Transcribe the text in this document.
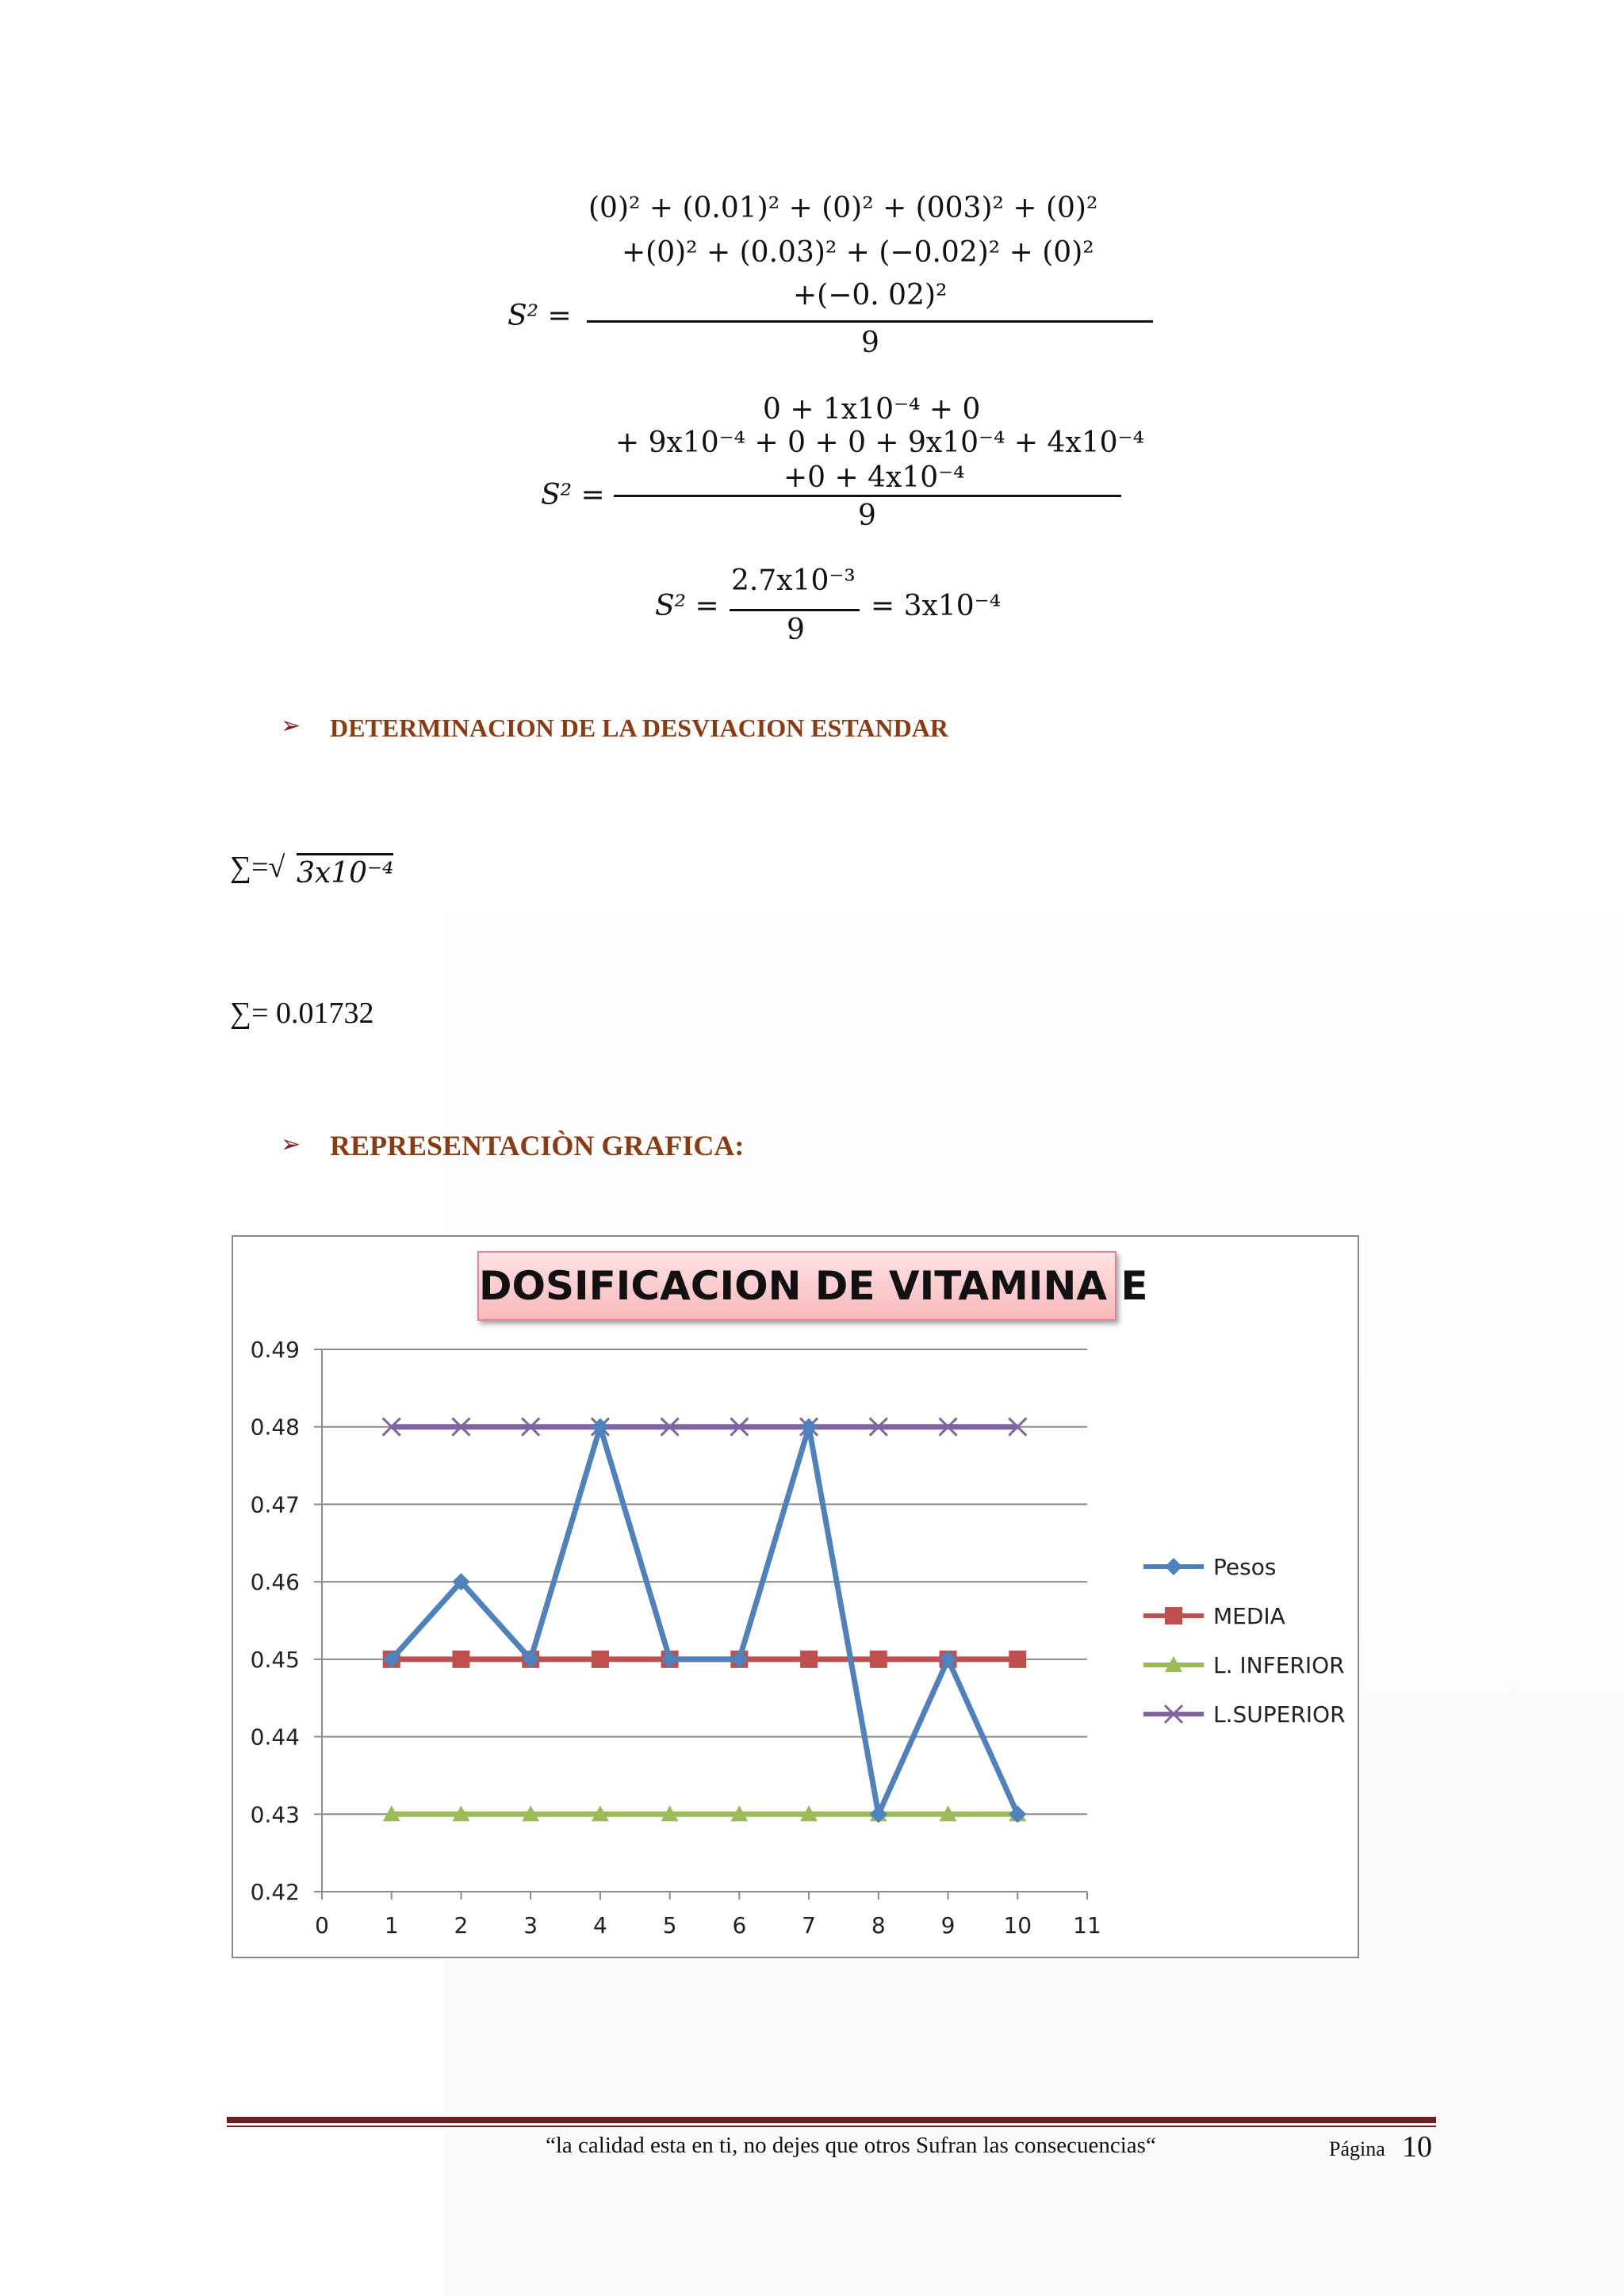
(0)² + (0.01)² + (0)² + (003)² + (0)²
+(0)² + (0.03)² + (−0.02)² + (0)²
+(−0. 02)²
S² =
9
0 + 1x10⁻⁴ + 0
+ 9x10⁻⁴ + 0 + 0 + 9x10⁻⁴ + 4x10⁻⁴
+0 + 4x10⁻⁴
S² =
9
S² =
2.7x10⁻³
9
= 3x10⁻⁴
➢ DETERMINACION DE LA DESVIACION ESTANDAR
∑=√ 3x10⁻⁴
∑= 0.01732
➢ REPRESENTACIÒN GRAFICA:
0.49
0.48
0.47
0.46
0.45
0.44
0.43
0.42
0 1 2 3 4 5 6 7 8 9 10 11
Pesos
MEDIA
L. INFERIOR
L.SUPERIOR
DOSIFICACION DE VITAMINA E
“la calidad esta en ti, no dejes que otros Sufran las consecuencias“	Página 10
